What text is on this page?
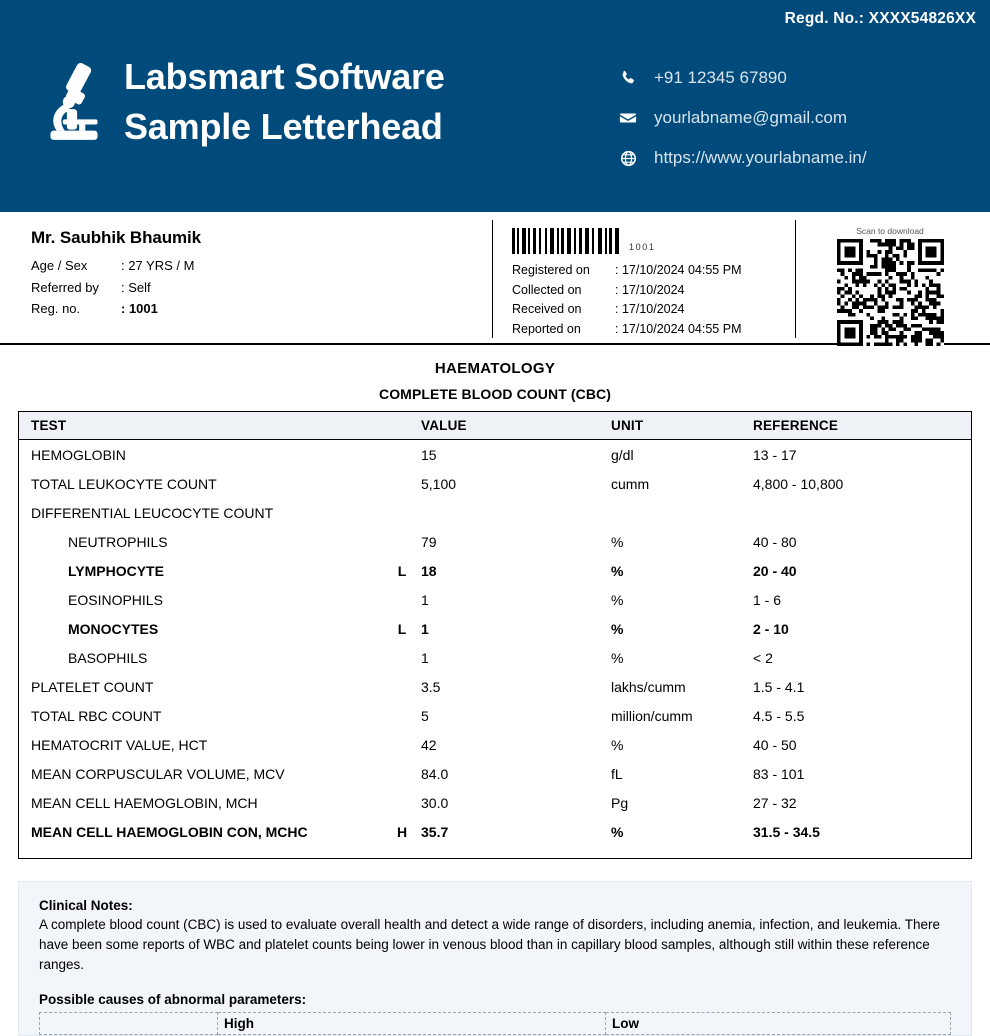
Regd. No.: XXXX54826XX
Labsmart Software
Sample Letterhead
+91 12345 67890
yourlabname@gmail.com
https://www.yourlabname.in/
Mr. Saubhik Bhaumik
Age / Sex	: 27 YRS / M
Referred by	: Self
Reg. no.	: 1001
1001
Registered on	: 17/10/2024 04:55 PM
Collected on	: 17/10/2024
Received on	: 17/10/2024
Reported on	: 17/10/2024 04:55 PM
Scan to download
HAEMATOLOGY
COMPLETE BLOOD COUNT (CBC)
TEST		VALUE	UNIT	REFERENCE
HEMOGLOBIN		15	g/dl	13 - 17
TOTAL LEUKOCYTE COUNT		5,100	cumm	4,800 - 10,800
DIFFERENTIAL LEUCOCYTE COUNT				
NEUTROPHILS		79	%	40 - 80
LYMPHOCYTE	L	18	%	20 - 40
EOSINOPHILS		1	%	1 - 6
MONOCYTES	L	1	%	2 - 10
BASOPHILS		1	%	< 2
PLATELET COUNT		3.5	lakhs/cumm	1.5 - 4.1
TOTAL RBC COUNT		5	million/cumm	4.5 - 5.5
HEMATOCRIT VALUE, HCT		42	%	40 - 50
MEAN CORPUSCULAR VOLUME, MCV		84.0	fL	83 - 101
MEAN CELL HAEMOGLOBIN, MCH		30.0	Pg	27 - 32
MEAN CELL HAEMOGLOBIN CON, MCHC	H	35.7	%	31.5 - 34.5

Clinical Notes:
A complete blood count (CBC) is used to evaluate overall health and detect a wide range of disorders, including anemia, infection, and leukemia. There have been some reports of WBC and platelet counts being lower in venous blood than in capillary blood samples, although still within these reference ranges.
Possible causes of abnormal parameters:
	High	Low
